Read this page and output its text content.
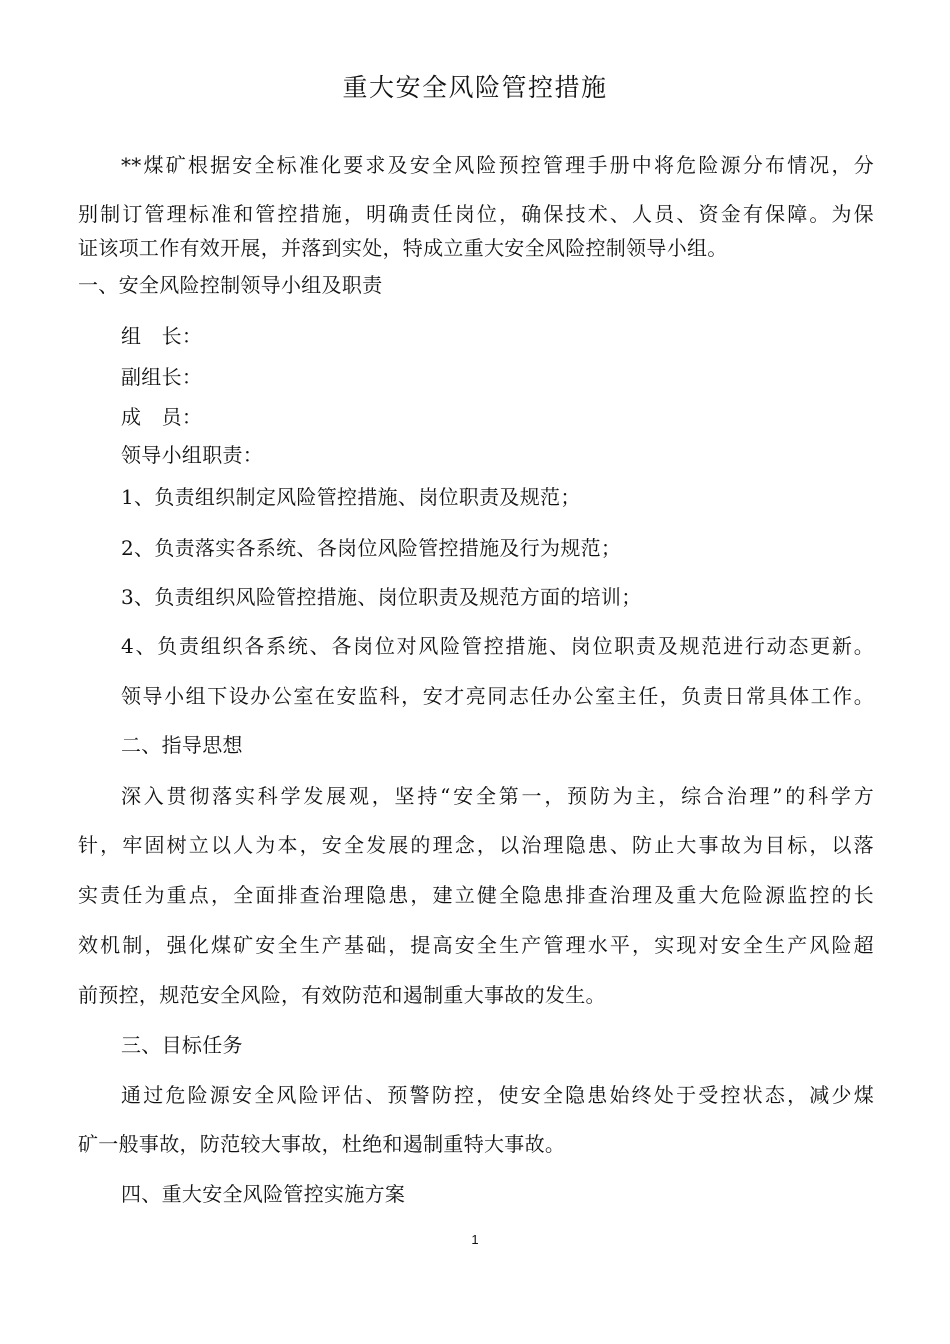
重大安全风险管控措施
**煤矿根据安全标准化要求及安全风险预控管理手册中将危险源分布情况，分
别制订管理标准和管控措施，明确责任岗位，确保技术、人员、资金有保障。为保
证该项工作有效开展，并落到实处，特成立重大安全风险控制领导小组。
一、安全风险控制领导小组及职责
组　长：
副组长：
成　员：
领导小组职责：
1、负责组织制定风险管控措施、岗位职责及规范；
2、负责落实各系统、各岗位风险管控措施及行为规范；
3、负责组织风险管控措施、岗位职责及规范方面的培训；
4、负责组织各系统、各岗位对风险管控措施、岗位职责及规范进行动态更新。
领导小组下设办公室在安监科，安才亮同志任办公室主任，负责日常具体工作。
二、指导思想
深入贯彻落实科学发展观，坚持“安全第一，预防为主，综合治理”的科学方
针，牢固树立以人为本，安全发展的理念，以治理隐患、防止大事故为目标，以落
实责任为重点，全面排查治理隐患，建立健全隐患排查治理及重大危险源监控的长
效机制，强化煤矿安全生产基础，提高安全生产管理水平，实现对安全生产风险超
前预控，规范安全风险，有效防范和遏制重大事故的发生。
三、目标任务
通过危险源安全风险评估、预警防控，使安全隐患始终处于受控状态，减少煤
矿一般事故，防范较大事故，杜绝和遏制重特大事故。
四、重大安全风险管控实施方案
1
